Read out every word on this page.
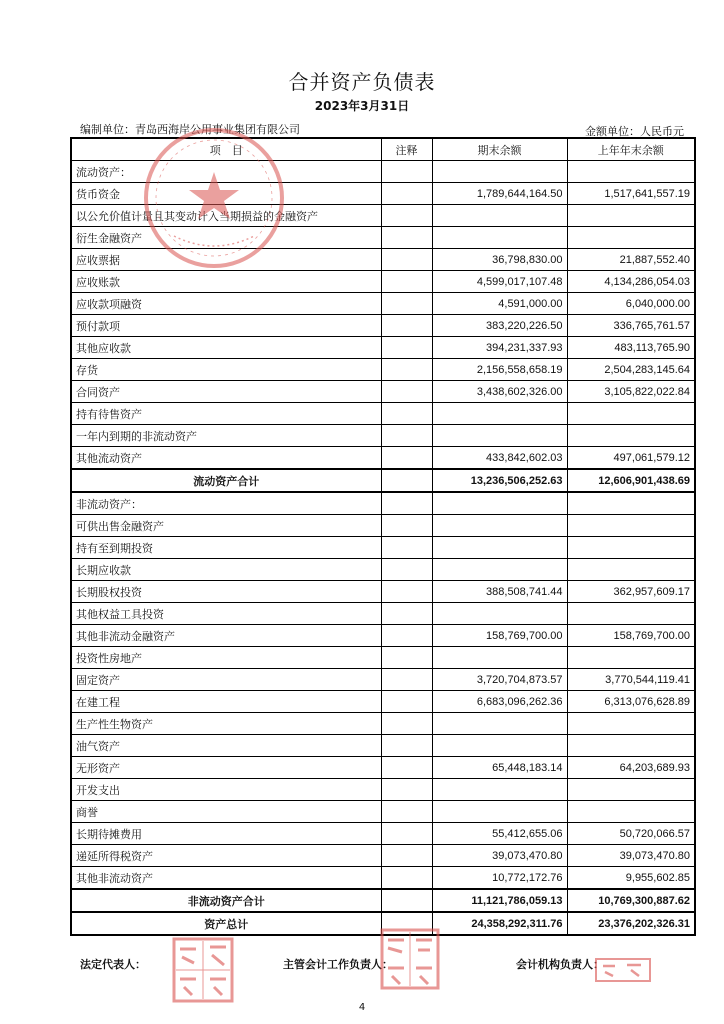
合并资产负债表
2023年3月31日
编制单位：青岛西海岸公用事业集团有限公司	金额单位：人民币元
项　目	注释	期末余额	上年年末余额
流动资产：			
货币资金		1,789,644,164.50	1,517,641,557.19
以公允价值计量且其变动计入当期损益的金融资产			
衍生金融资产			
应收票据		36,798,830.00	21,887,552.40
应收账款		4,599,017,107.48	4,134,286,054.03
应收款项融资		4,591,000.00	6,040,000.00
预付款项		383,220,226.50	336,765,761.57
其他应收款		394,231,337.93	483,113,765.90
存货		2,156,558,658.19	2,504,283,145.64
合同资产		3,438,602,326.00	3,105,822,022.84
持有待售资产			
一年内到期的非流动资产			
其他流动资产		433,842,602.03	497,061,579.12
流动资产合计		13,236,506,252.63	12,606,901,438.69
非流动资产：			
可供出售金融资产			
持有至到期投资			
长期应收款			
长期股权投资		388,508,741.44	362,957,609.17
其他权益工具投资			
其他非流动金融资产		158,769,700.00	158,769,700.00
投资性房地产			
固定资产		3,720,704,873.57	3,770,544,119.41
在建工程		6,683,096,262.36	6,313,076,628.89
生产性生物资产			
油气资产			
无形资产		65,448,183.14	64,203,689.93
开发支出			
商誉			
长期待摊费用		55,412,655.06	50,720,066.57
递延所得税资产		39,073,470.80	39,073,470.80
其他非流动资产		10,772,172.76	9,955,602.85
非流动资产合计		11,121,786,059.13	10,769,300,887.62
资产总计		24,358,292,311.76	23,376,202,326.31
法定代表人：	主管会计工作负责人：	会计机构负责人：
4
